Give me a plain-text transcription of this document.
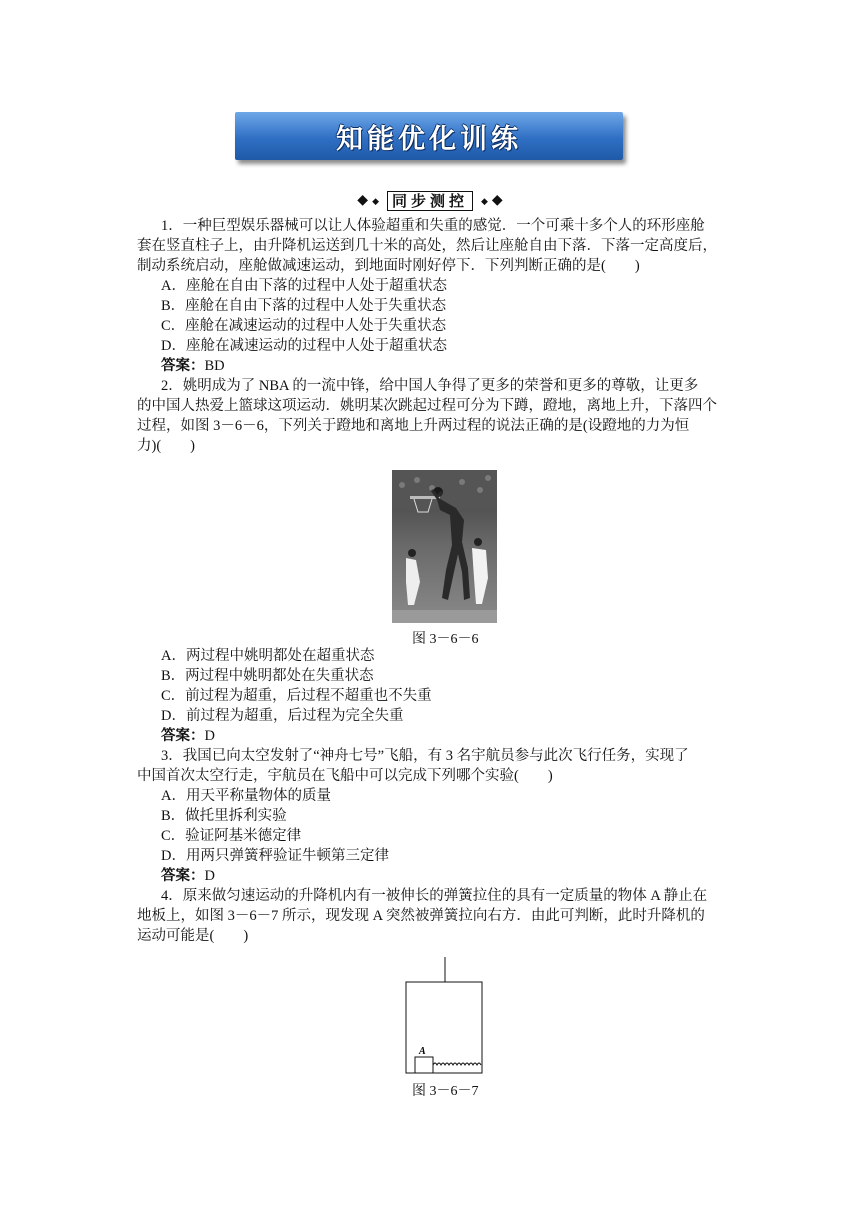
知能优化训练
◆ ◆ 同步测控	◆ ◆
1．一种巨型娱乐器械可以让人体验超重和失重的感觉．一个可乘十多个人的环形座舱
套在竖直柱子上，由升降机运送到几十米的高处，然后让座舱自由下落．下落一定高度后，
制动系统启动，座舱做减速运动，到地面时刚好停下．下列判断正确的是(　　)
A．座舱在自由下落的过程中人处于超重状态
B．座舱在自由下落的过程中人处于失重状态
C．座舱在减速运动的过程中人处于失重状态
D．座舱在减速运动的过程中人处于超重状态
答案：BD
2．姚明成为了 NBA 的一流中锋，给中国人争得了更多的荣誉和更多的尊敬，让更多
的中国人热爱上篮球这项运动．姚明某次跳起过程可分为下蹲，蹬地，离地上升，下落四个
过程，如图 3－6－6，下列关于蹬地和离地上升两过程的说法正确的是(设蹬地的力为恒
力)(　　)
图 3－6－6
A．两过程中姚明都处在超重状态
B．两过程中姚明都处在失重状态
C．前过程为超重，后过程不超重也不失重
D．前过程为超重，后过程为完全失重
答案：D
3．我国已向太空发射了“神舟七号”飞船，有 3 名宇航员参与此次飞行任务，实现了
中国首次太空行走，宇航员在飞船中可以完成下列哪个实验(　　)
A．用天平称量物体的质量
B．做托里拆利实验
C．验证阿基米德定律
D．用两只弹簧秤验证牛顿第三定律
答案：D
4．原来做匀速运动的升降机内有一被伸长的弹簧拉住的具有一定质量的物体 A 静止在
地板上，如图 3－6－7 所示，现发现 A 突然被弹簧拉向右方．由此可判断，此时升降机的
运动可能是(　　)
A
图 3－6－7
